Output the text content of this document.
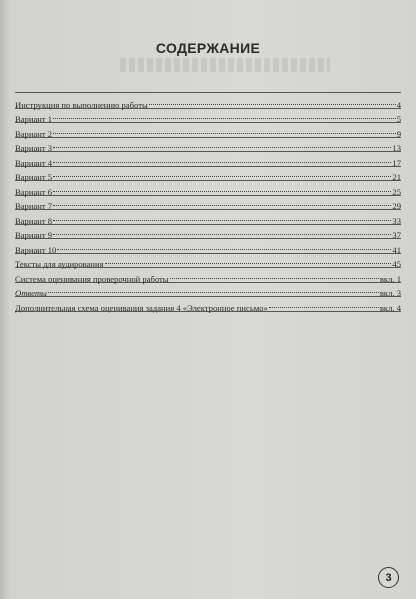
СОДЕРЖАНИЕ
Инструкция по выполнению работы	4
Вариант 1	5
Вариант 2	9
Вариант 3	13
Вариант 4	17
Вариант 5	21
Вариант 6	25
Вариант 7	29
Вариант 8	33
Вариант 9	37
Вариант 10	41
Тексты для аудирования	45
Система оценивания проверочной работы	вкл. 1
Ответы	вкл. 3
Дополнительная схема оценивания задания 4 «Электронное письмо»	вкл. 4
3
